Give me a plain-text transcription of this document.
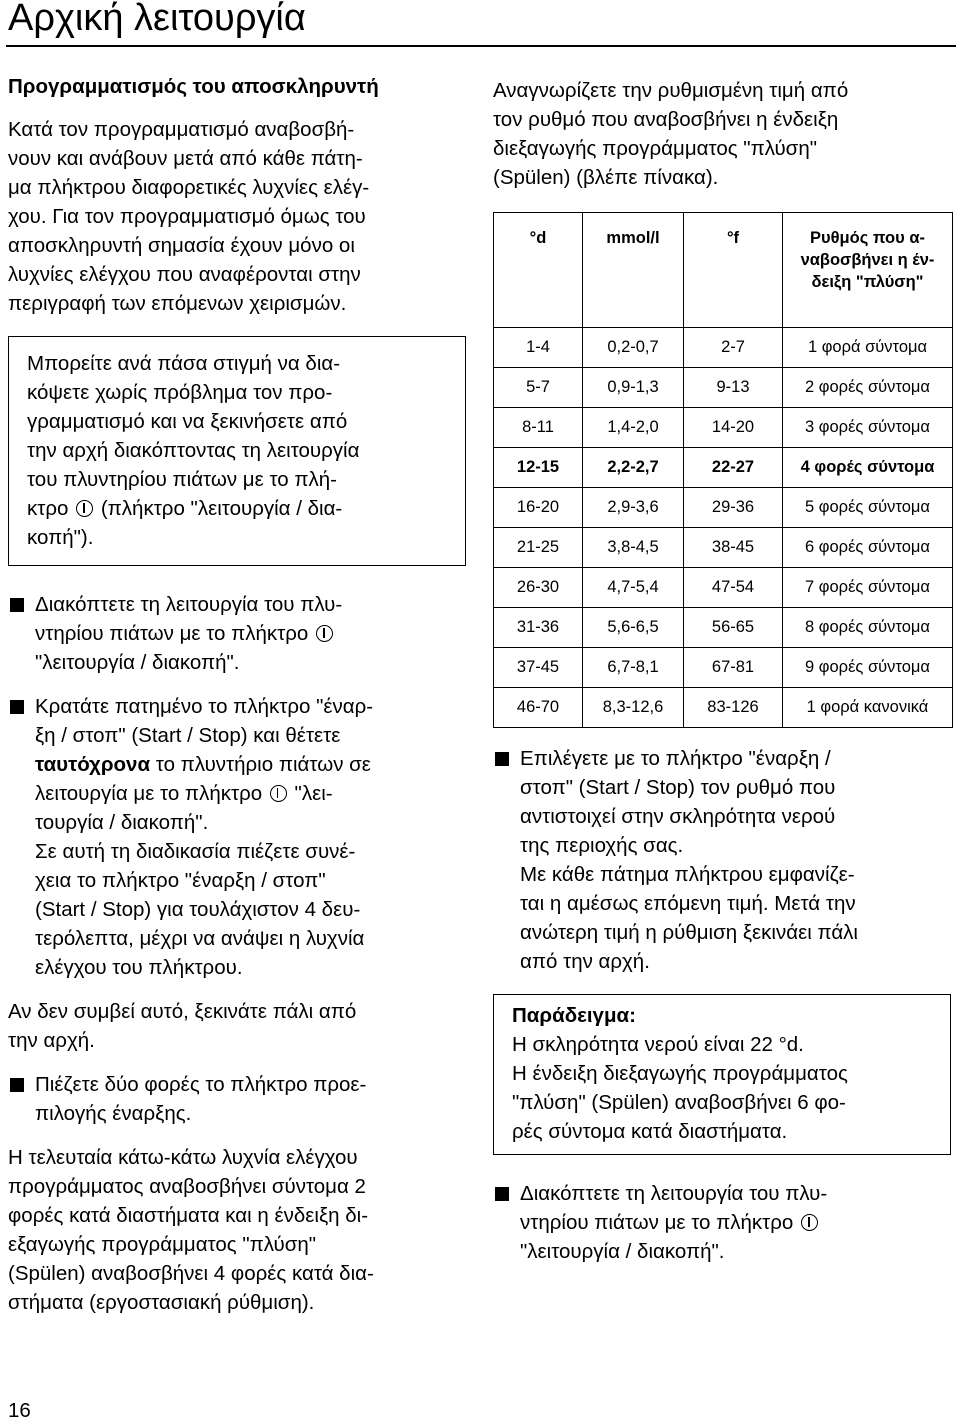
Αρχική λειτουργία

Προγραμματισμός του αποσκληρυντή

Κατά τον προγραμματισμό αναβοσβή-
νουν και ανάβουν μετά από κάθε πάτη-
μα πλήκτρου διαφορετικές λυχνίες ελέγ-
χου. Για τον προγραμματισμό όμως του
αποσκληρυντή σημασία έχουν μόνο οι
λυχνίες ελέγχου που αναφέρονται στην
περιγραφή των επόμενων χειρισμών.
Μπορείτε ανά πάσα στιγμή να δια-
κόψετε χωρίς πρόβλημα τον προ-
γραμματισμό και να ξεκινήσετε από
την αρχή διακόπτοντας τη λειτουργία
του πλυντηρίου πιάτων με το πλή-
κτρο (πλήκτρο "λειτουργία / δια-
κοπή").
Διακόπτετε τη λειτουργία του πλυ-
ντηρίου πιάτων με το πλήκτρο
"λειτουργία / διακοπή".
Κρατάτε πατημένο το πλήκτρο "έναρ-
ξη / στοπ" (Start / Stop) και θέτετε
ταυτόχρονα το πλυντήριο πιάτων σε
λειτουργία με το πλήκτρο "λει-
τουργία / διακοπή".
Σε αυτή τη διαδικασία πιέζετε συνέ-
χεια το πλήκτρο "έναρξη / στοπ"
(Start / Stop) για τουλάχιστον 4 δευ-
τερόλεπτα, μέχρι να ανάψει η λυχνία
ελέγχου του πλήκτρου.
Αν δεν συμβεί αυτό, ξεκινάτε πάλι από
την αρχή.
Πιέζετε δύο φορές το πλήκτρο προε-
πιλογής έναρξης.
Η τελευταία κάτω-κάτω λυχνία ελέγχου
προγράμματος αναβοσβήνει σύντομα 2
φορές κατά διαστήματα και η ένδειξη δι-
εξαγωγής προγράμματος "πλύση"
(Spülen) αναβοσβήνει 4 φορές κατά δια-
στήματα (εργοστασιακή ρύθμιση).
Αναγνωρίζετε την ρυθμισμένη τιμή από
τον ρυθμό που αναβοσβήνει η ένδειξη
διεξαγωγής προγράμματος "πλύση"
(Spülen) (βλέπε πίνακα).
°d	mmol/l	°f	Ρυθμός που α-
ναβοσβήνει η έν-
δειξη "πλύση"

1-4	0,2-0,7	2-7	1 φορά σύντομα
5-7	0,9-1,3	9-13	2 φορές σύντομα
8-11	1,4-2,0	14-20	3 φορές σύντομα
12-15	2,2-2,7	22-27	4 φορές σύντομα
16-20	2,9-3,6	29-36	5 φορές σύντομα
21-25	3,8-4,5	38-45	6 φορές σύντομα
26-30	4,7-5,4	47-54	7 φορές σύντομα
31-36	5,6-6,5	56-65	8 φορές σύντομα
37-45	6,7-8,1	67-81	9 φορές σύντομα
46-70	8,3-12,6	83-126	1 φορά κανονικά
Επιλέγετε με το πλήκτρο "έναρξη /
στοπ" (Start / Stop) τον ρυθμό που
αντιστοιχεί στην σκληρότητα νερού
της περιοχής σας.
Με κάθε πάτημα πλήκτρου εμφανίζε-
ται η αμέσως επόμενη τιμή. Μετά την
ανώτερη τιμή η ρύθμιση ξεκινάει πάλι
από την αρχή.
Παράδειγμα:
Η σκληρότητα νερού είναι 22 °d.
Η ένδειξη διεξαγωγής προγράμματος
"πλύση" (Spülen) αναβοσβήνει 6 φο-
ρές σύντομα κατά διαστήματα.
Διακόπτετε τη λειτουργία του πλυ-
ντηρίου πιάτων με το πλήκτρο
"λειτουργία / διακοπή".
16
